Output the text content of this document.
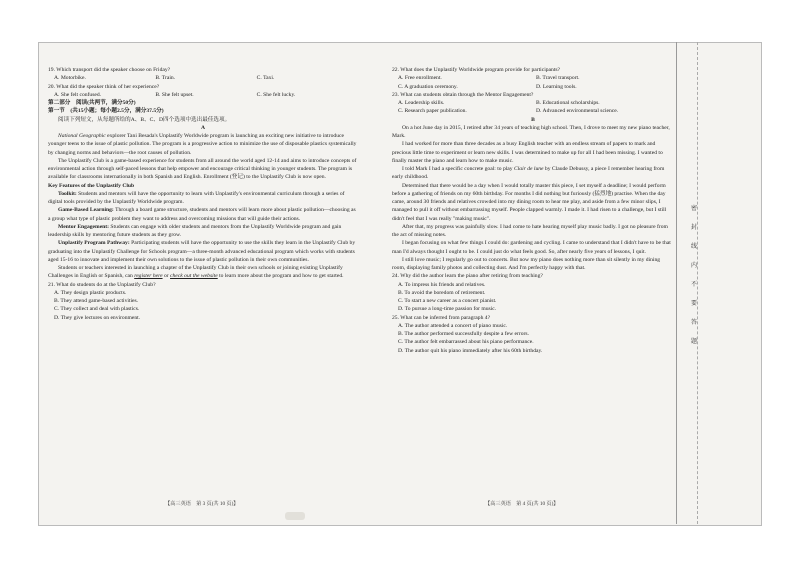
19. Which transport did the speaker choose on Friday?

A. Motorbike.	B. Train.	C. Taxi.

20. What did the speaker think of her experience?

A. She felt confused.	B. She felt upset.	C. She felt lucky.

第二部分　阅读(共两节，满分50分)

第一节　(共15小题；每小题2.5分，满分37.5分)

阅读下列短文，从每题所给的A、B、C、D四个选项中选出最佳选项。

A

National Geographic explorer Tani Besada's Unplastify Worldwide program is launching an exciting new initiative to introduce younger teens to the issue of plastic pollution. The program is a progressive action to minimize the use of disposable plastics systemically by changing norms and behaviors—the root causes of pollution.

The Unplastify Club is a game-based experience for students from all around the world aged 12-14 and aims to introduce concepts of environmental action through self-paced lessons that help empower and encourage critical thinking in younger students. The program is available for classrooms internationally in both Spanish and English. Enrollment (登记) to the Unplastify Club is now open.

Key Features of the Unplastify Club

Toolkit: Students and mentors will have the opportunity to learn with Unplastify's environmental curriculum through a series of digital tools provided by the Unplastify Worldwide program.

Game-Based Learning: Through a board game structure, students and mentors will learn more about plastic pollution—choosing as a group what type of plastic problem they want to address and overcoming missions that will guide their actions.

Mentor Engagement: Students can engage with older students and mentors from the Unplastify Worldwide program and gain leadership skills by mentoring future students as they grow.

Unplastify Program Pathway: Participating students will have the opportunity to use the skills they learn in the Unplastify Club by graduating into the Unplastify Challenge for Schools program—a three-month advanced educational program which works with students aged 15-16 to innovate and implement their own solutions to the issue of plastic pollution in their own communities.

Students or teachers interested in launching a chapter of the Unplastify Club in their own schools or joining existing Unplastify Challenges in English or Spanish, can register here or check out the website to learn more about the program and how to get started.

21. What do students do at the Unplastify Club?

A. They design plastic products.

B. They attend game-based activities.

C. They collect and deal with plastics.

D. They give lectures on environment.

【高三英语　第 3 页(共 10 页)】

22. What does the Unplastify Worldwide program provide for participants?

A. Free enrollment.	B. Travel transport.
C. A graduation ceremony.	D. Learning tools.

23. What can students obtain through the Mentor Engagement?

A. Leadership skills.	B. Educational scholarships.
C. Research paper publication.	D. Advanced environmental science.

B

On a hot June day in 2015, I retired after 34 years of teaching high school. Then, I drove to meet my new piano teacher, Mark.

I had worked for more than three decades as a busy English teacher with an endless stream of papers to mark and precious little time to experiment or learn new skills. I was determined to make up for all I had been missing. I wanted to finally master the piano and learn how to make music.

I told Mark I had a specific concrete goal: to play Clair de lune by Claude Debussy, a piece I remember hearing from early childhood.

Determined that there would be a day when I would totally master this piece, I set myself a deadline; I would perform before a gathering of friends on my 60th birthday. For months I did nothing but furiously (猛烈地) practise. When the day came, around 30 friends and relatives crowded into my dining room to hear me play, and aside from a few minor slips, I managed to pull it off without embarrassing myself. People clapped warmly. I made it. I had risen to a challenge, but I still didn't feel that I was really "making music".

After that, my progress was painfully slow. I had come to hate hearing myself play music badly. I got no pleasure from the act of missing notes.

I began focusing on what few things I could do: gardening and cycling. I came to understand that I didn't have to be that man I'd always thought I ought to be. I could just do what feels good. So, after nearly five years of lessons, I quit.

I still love music; I regularly go out to concerts. But now my piano does nothing more than sit silently in my dining room, displaying family photos and collecting dust. And I'm perfectly happy with that.

24. Why did the author learn the piano after retiring from teaching?

A. To impress his friends and relatives.

B. To avoid the boredom of retirement.

C. To start a new career as a concert pianist.

D. To pursue a long-time passion for music.

25. What can be inferred from paragraph 4?

A. The author attended a concert of piano music.

B. The author performed successfully despite a few errors.

C. The author felt embarrassed about his piano performance.

D. The author quit his piano immediately after his 60th birthday.

【高三英语　第 4 页(共 10 页)】
密
封
线
内
不
要
答
题
